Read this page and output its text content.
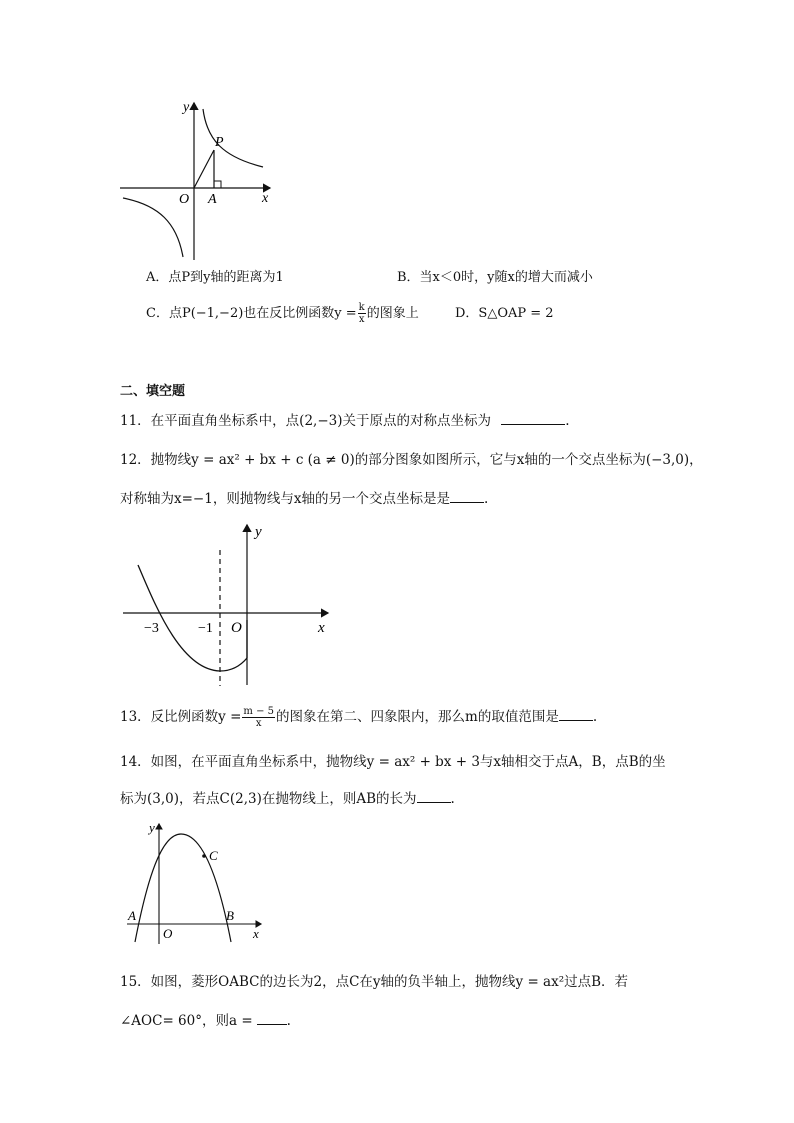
y
x
O A
P
A．点P到y轴的距离为1	B．当x＜0时，y随x的增大而减小
C．点P(−1,−2)也在反比例函数$y = \frac{k}{x}$ 的图象上	D．S△OAP = 2
二、填空题
11．在平面直角坐标系中，点(2,−3)关于原点的对称点坐标为	.
12．抛物线y = ax² + bx + c (a ≠ 0)的部分图象如图所示，它与x轴的一个交点坐标为(−3,0)，
对称轴为x=−1，则抛物线与x轴的另一个交点坐标是是	.
y
x
O
−3	−1
13．反比例函数$y = \frac{m - 5}{x}$ 的图象在第二、四象限内，那么m的取值范围是	.
14．如图，在平面直角坐标系中，抛物线y = ax² + bx + 3与x轴相交于点A，B，点B的坐
标为(3,0)，若点C(2,3)在抛物线上，则AB的长为	.
y
x
O
A	B
C
15．如图，菱形OABC的边长为2，点C在y轴的负半轴上，抛物线y = ax²过点B．若
∠AOC= 60°，则a =	.
